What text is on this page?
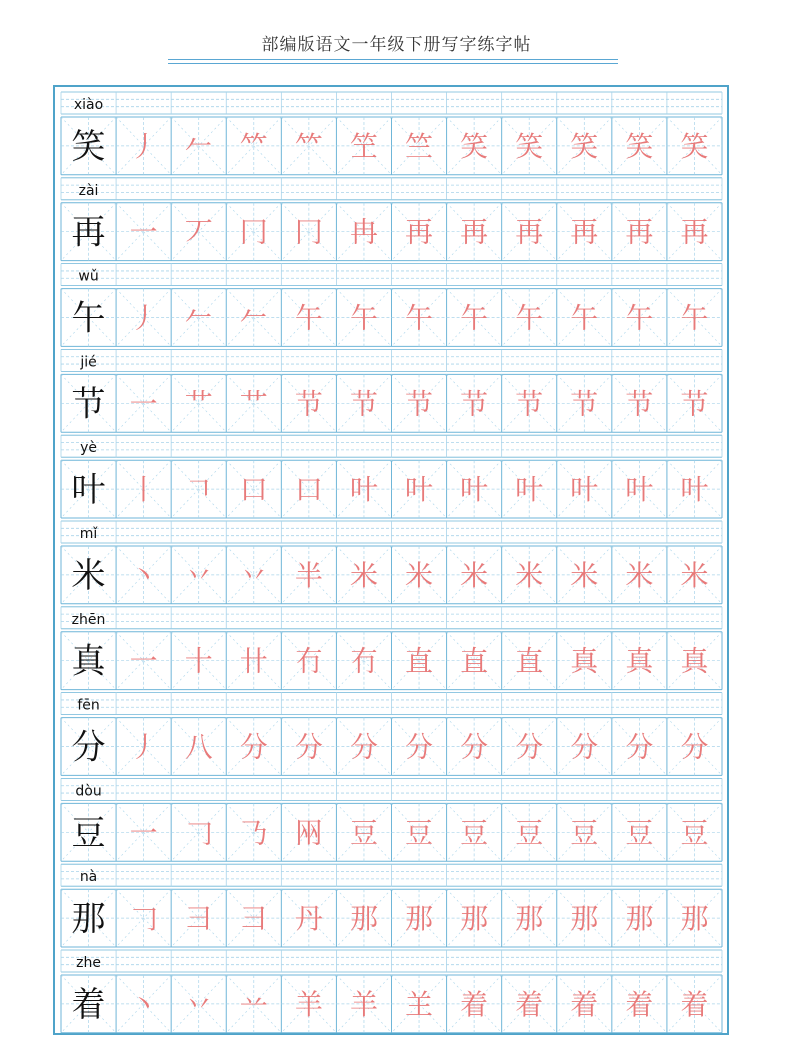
部编版语文一年级下册写字练字帖
xiào
笑 丿 𠂉 𥫗 𥫗 笁 竺 笑 笑 笑 笑 笑
zài
再 一 丆 冂 冂 冉 再 再 再 再 再 再
wǔ
午 丿 𠂉 𠂉 午 午 午 午 午 午 午 午
jié
节 一 艹 艹 节 节 节 节 节 节 节 节
yè
叶 丨 𠃍 口 口 叶 叶 叶 叶 叶 叶 叶
mǐ
米 丶 丷 丷 半 米 米 米 米 米 米 米
zhēn
真 一 十 卄 冇 冇 直 直 直 真 真 真
fēn
分 丿 八 分 分 分 分 分 分 分 分 分
dòu
豆 一 𠃌 𠄎 㒳 豆 豆 豆 豆 豆 豆 豆
nà
那 𠃌 ⺕ ⺕ 丹 那 那 那 那 那 那 那
zhe
着 丶 丷 䒑 羊 羊 𦍌 着 着 着 着 着
